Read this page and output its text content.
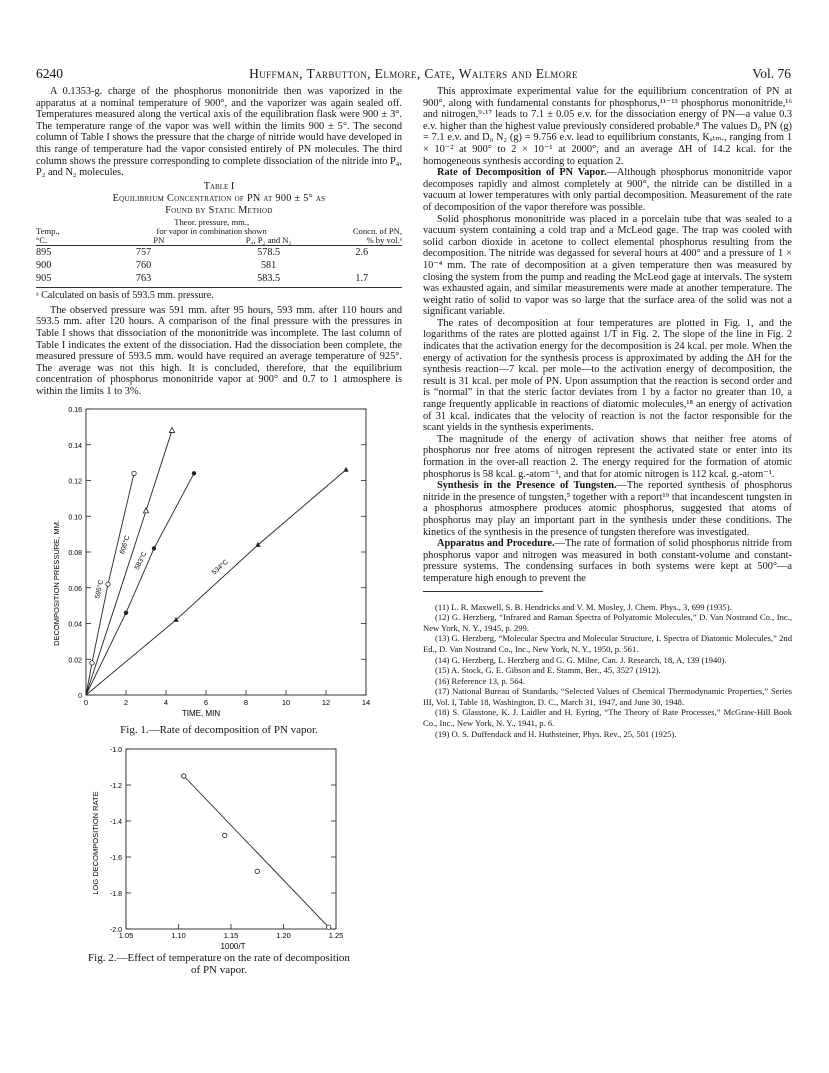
6240	Huffman, Tarbutton, Elmore, Cate, Walters and Elmore	Vol. 76

A 0.1353-g. charge of the phosphorus mononitride then was vaporized in the apparatus at a nominal temperature of 900°, and the vaporizer was again sealed off. Temperatures measured along the vertical axis of the equilibration flask were 900 ± 3°. The temperature range of the vapor was well within the limits 900 ± 5°. The second column of Table I shows the pressure that the charge of nitride would have developed in this range of temperature had the vapor consisted entirely of PN molecules. The third column shows the pressure corresponding to complete dissociation of the nitride into P₄, P₂ and N₂ molecules.

Table I
Equilibrium Concentration of PN at 900 ± 5° as
Found by Static Method
	Theor. pressure, mm.,		
Temp.,	for vapor in combination shown		Concn. of PN,
°C.	PN	P₄, P₂ and N₂	% by vol.ᵃ
895	757	578.5	2.6
900	760	581	
905	763	583.5	1.7
ᵃ Calculated on basis of 593.5 mm. pressure.

The observed pressure was 591 mm. after 95 hours, 593 mm. after 110 hours and 593.5 mm. after 120 hours. A comparison of the final pressure with the pressures in Table I shows that dissociation of the mononitride was incomplete. The last column of Table I indicates the extent of the dissociation. Had the dissociation been complete, the measured pressure of 593.5 mm. would have required an average temperature of 925°. The average was not this high. It is concluded, therefore, that the equilibrium concentration of phosphorus mononitride vapor at 900° and 0.7 to 1 atmosphere is within the limits 1 to 3%.

0
0.02
0.04
0.06
0.08
0.10
0.12
0.14
0.16
0	2	4	6	8	10	12	14
595°C
606°C
583°C	534°C
TIME, MIN
DECOMPOSITION PRESSURE, MM.
Fig. 1.—Rate of decomposition of PN vapor.
-2.0
-1.8
-1.6
-1.4
-1.2
-1.0
1.05	1.10	1.15	1.20	1.25
1000/T
LOG DECOMPOSITION RATE
Fig. 2.—Effect of temperature on the rate of decomposition
of PN vapor.

This approximate experimental value for the equilibrium concentration of PN at 900°, along with fundamental constants for phosphorus,¹¹⁻¹³ phosphorus mononitride,¹⁶ and nitrogen,⁹·¹⁷ leads to 7.1 ± 0.05 e.v. for the dissociation energy of PN—a value 0.3 e.v. higher than the highest value previously considered probable.⁸ The values D₀ PN (g) = 7.1 e.v. and D₀ N₂ (g) = 9.756 e.v. lead to equilibrium constants, Kₐₜₘ., ranging from 1 × 10⁻² at 900° to 2 × 10⁻¹ at 2000°, and an average ΔH of 14.2 kcal. for the homogeneous synthesis according to equation 2.

Rate of Decomposition of PN Vapor.—Although phosphorus mononitride vapor decomposes rapidly and almost completely at 900°, the nitride can be distilled in a vacuum at lower temperatures with only partial decomposition. Measurement of the rate of decomposition of the vapor therefore was possible.

Solid phosphorus mononitride was placed in a porcelain tube that was sealed to a vacuum system containing a cold trap and a McLeod gage. The trap was cooled with solid carbon dioxide in acetone to collect elemental phosphorus resulting from the decomposition. The nitride was degassed for several hours at 400° and a pressure of 1 × 10⁻⁴ mm. The rate of decomposition at a given temperature then was measured by closing the system from the pump and reading the McLeod gage at intervals. The system was exhausted again, and similar measurements were made at another temperature. The weight ratio of solid to vapor was so large that the surface area of the solid was not a significant variable.

The rates of decomposition at four temperatures are plotted in Fig. 1, and the logarithms of the rates are plotted against 1/T in Fig. 2. The slope of the line in Fig. 2 indicates that the activation energy for the decomposition is 24 kcal. per mole. When the energy of activation for the synthesis process is approximated by adding the ΔH for the synthesis reaction—7 kcal. per mole—to the activation energy of decomposition, the result is 31 kcal. per mole of PN. Upon assumption that the reaction is second order and is “normal” in that the steric factor deviates from 1 by a factor no greater than 10, a range frequently applicable in reactions of diatomic molecules,¹⁸ an energy of activation of 31 kcal. indicates that the velocity of reaction is not the factor responsible for the scant yields in the synthesis experiments.

The magnitude of the energy of activation shows that neither free atoms of phosphorus nor free atoms of nitrogen represent the activated state or enter into its formation in the over-all reaction 2. The energy required for the formation of atomic phosphorus is 58 kcal. g.-atom⁻¹, and that for atomic nitrogen is 112 kcal. g.-atom⁻¹.

Synthesis in the Presence of Tungsten.—The reported synthesis of phosphorus nitride in the presence of tungsten,⁵ together with a report¹⁹ that incandescent tungsten in a phosphorus atmosphere produces atomic phosphorus, suggested that atoms of phosphorus may play an important part in the synthesis under these conditions. The kinetics of the synthesis in the presence of tungsten therefore was investigated.

Apparatus and Procedure.—The rate of formation of solid phosphorus nitride from phosphorus vapor and nitrogen was measured in both constant-volume and constant-pressure systems. The condensing surfaces in both systems were kept at 500°—a temperature high enough to prevent the

(11) L. R. Maxwell, S. B. Hendricks and V. M. Mosley, J. Chem. Phys., 3, 699 (1935).

(12) G. Herzberg, “Infrared and Raman Spectra of Polyatomic Molecules,” D. Van Nostrand Co., Inc., New York, N. Y., 1945, p. 299.

(13) G. Herzberg, “Molecular Spectra and Molecular Structure, I. Spectra of Diatomic Molecules,” 2nd Ed., D. Van Nostrand Co., Inc., New York, N. Y., 1950, p. 561.

(14) G. Herzberg, L. Herzberg and G. G. Milne, Can. J. Research, 18, A, 139 (1940).

(15) A. Stock, G. E. Gibson and E. Stamm, Ber., 45, 3527 (1912).

(16) Reference 13, p. 564.

(17) National Bureau of Standards, “Selected Values of Chemical Thermodynamic Properties,” Series III, Vol. I, Table 18, Washington, D. C., March 31, 1947, and June 30, 1948.

(18) S. Glasstone, K. J. Laidler and H. Eyring, “The Theory of Rate Processes,” McGraw-Hill Book Co., Inc., New York, N. Y., 1941, p. 6.

(19) O. S. Duffendack and H. Huthsteiner, Phys. Rev., 25, 501 (1925).
